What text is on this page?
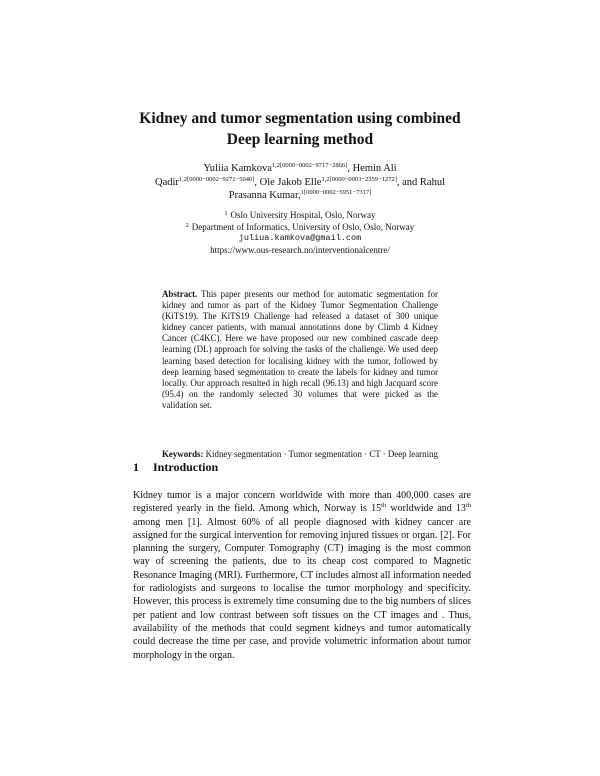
Kidney and tumor segmentation using combined
Deep learning method
Yuliia Kamkova$^{1,2[0000-0002-9717-2866]}$, Hemin Ali
Qadir$^{1,2[0000-0002-9271-5040]}$, Ole Jakob Elle$^{1,2[0000-0003-2359-1272]}$, and Rahul
Prasanna Kumar,$^{1[0000-0002-5951-7317]}$
$^1$ Oslo University Hospital, Oslo, Norway
$^2$ Department of Informatics, University of Oslo, Oslo, Norway
juliua.kamkova@gmail.com
https://www.ous-research.no/interventionalcentre/
Abstract. This paper presents our method for automatic segmentation for kidney and tumor as part of the Kidney Tumor Segmentation Challenge (KiTS19). The KiTS19 Challenge had released a dataset of 300 unique kidney cancer patients, with manual annotations done by Climb 4 Kidney Cancer (C4KC). Here we have proposed our new combined cascade deep learning (DL) approach for solving the tasks of the challenge. We used deep learning based detection for localising kidney with the tumor, followed by deep learning based segmentation to create the labels for kidney and tumor locally. Our approach resulted in high recall (96.13) and high Jacquard score (95.4) on the randomly selected 30 volumes that were picked as the validation set.
Keywords: Kidney segmentation · Tumor segmentation · CT · Deep learning
1 Introduction
Kidney tumor is a major concern worldwide with more than 400,000 cases are registered yearly in the field. Among which, Norway is 15th worldwide and 13th among men [1]. Almost 60% of all people diagnosed with kidney cancer are assigned for the surgical intervention for removing injured tissues or organ. [2]. For planning the surgery, Computer Tomography (CT) imaging is the most common way of screening the patients, due to its cheap cost compared to Magnetic Resonance Imaging (MRI). Furthermore, CT includes almost all information needed for radiologists and surgeons to localise the tumor morphology and specificity. However, this process is extremely time consuming due to the big numbers of slices per patient and low contrast between soft tissues on the CT images and . Thus, availability of the methods that could segment kidneys and tumor automatically could decrease the time per case, and provide volumetric information about tumor morphology in the organ.
